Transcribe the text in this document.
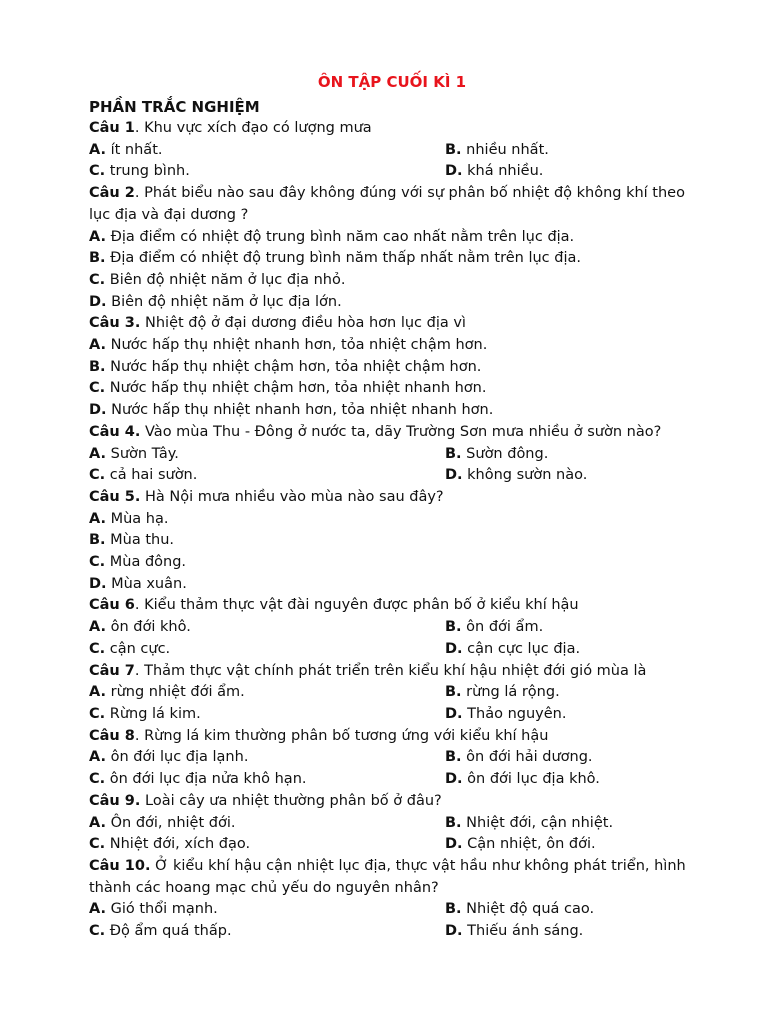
ÔN TẬP CUỐI KÌ 1
PHẦN TRẮC NGHIỆM
Câu 1. Khu vực xích đạo có lượng mưa
A. ít nhất.	B. nhiều nhất.
C. trung bình.	D. khá nhiều.
Câu 2. Phát biểu nào sau đây không đúng với sự phân bố nhiệt độ không khí theo lục địa và đại dương ?
A. Địa điểm có nhiệt độ trung bình năm cao nhất nằm trên lục địa.
B. Địa điểm có nhiệt độ trung bình năm thấp nhất nằm trên lục địa.
C. Biên độ nhiệt năm ở lục địa nhỏ.
D. Biên độ nhiệt năm ở lục địa lớn.
Câu 3. Nhiệt độ ở đại dương điều hòa hơn lục địa vì
A. Nước hấp thụ nhiệt nhanh hơn, tỏa nhiệt chậm hơn.
B. Nước hấp thụ nhiệt chậm hơn, tỏa nhiệt chậm hơn.
C. Nước hấp thụ nhiệt chậm hơn, tỏa nhiệt nhanh hơn.
D. Nước hấp thụ nhiệt nhanh hơn, tỏa nhiệt nhanh hơn.
Câu 4. Vào mùa Thu - Đông ở nước ta, dãy Trường Sơn mưa nhiều ở sườn nào?
A. Sườn Tây.	B. Sườn đông.
C. cả hai sườn.	D. không sườn nào.
Câu 5. Hà Nội mưa nhiều vào mùa nào sau đây?
A. Mùa hạ.
B. Mùa thu.
C. Mùa đông.
D. Mùa xuân.
Câu 6. Kiểu thảm thực vật đài nguyên được phân bố ở kiểu khí hậu
A. ôn đới khô.	B. ôn đới ẩm.
C. cận cực.	D. cận cực lục địa.
Câu 7. Thảm thực vật chính phát triển trên kiểu khí hậu nhiệt đới gió mùa là
A. rừng nhiệt đới ẩm.	B. rừng lá rộng.
C. Rừng lá kim.	D. Thảo nguyên.
Câu 8. Rừng lá kim thường phân bố tương ứng với kiểu khí hậu
A. ôn đới lục địa lạnh.	B. ôn đới hải dương.
C. ôn đới lục địa nửa khô hạn.	D. ôn đới lục địa khô.
Câu 9. Loài cây ưa nhiệt thường phân bố ở đâu?
A. Ôn đới, nhiệt đới.	B. Nhiệt đới, cận nhiệt.
C. Nhiệt đới, xích đạo.	D. Cận nhiệt, ôn đới.
Câu 10. Ở kiểu khí hậu cận nhiệt lục địa, thực vật hầu như không phát triển, hình thành các hoang mạc chủ yếu do nguyên nhân?
A. Gió thổi mạnh.	B. Nhiệt độ quá cao.
C. Độ ẩm quá thấp.	D. Thiếu ánh sáng.
